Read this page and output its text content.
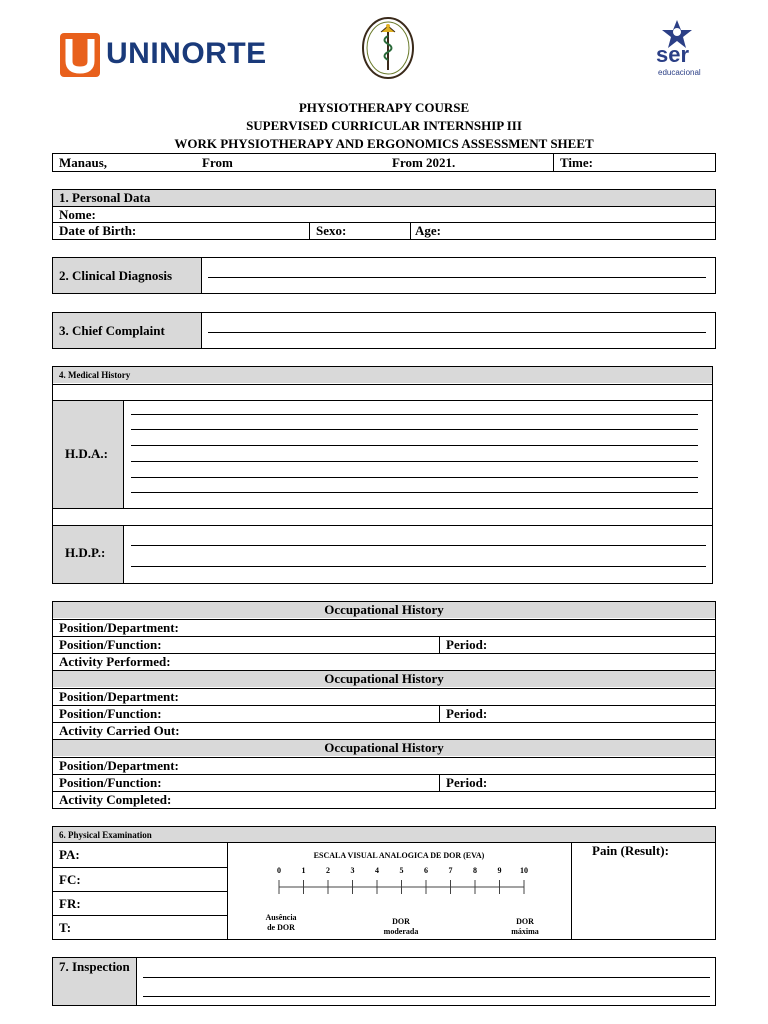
UNINORTE	ser
educacional
PHYSIOTHERAPY COURSE
SUPERVISED CURRICULAR INTERNSHIP III
WORK PHYSIOTHERAPY AND ERGONOMICS ASSESSMENT SHEET
Manaus,	From	From 2021.	Time:
1. Personal Data
Nome:
Date of Birth:	Sexo:	Age:
2. Clinical Diagnosis
3. Chief Complaint
4. Medical History
H.D.A.:
H.D.P.:
Occupational History
Position/Department:
Position/Function:	Period:
Activity Performed:
Occupational History
Position/Department:
Position/Function:	Period:
Activity Carried Out:
Occupational History
Position/Department:
Position/Function:	Period:
Activity Completed:
6. Physical Examination
PA:
FC:
FR:
T:
ESCALA VISUAL ANALOGICA DE DOR (EVA)
0	1	2	3	4	5	6	7	8	9 10
Ausência
de DOR
DOR
moderada
DOR
máxima
Pain (Result):
7. Inspection
